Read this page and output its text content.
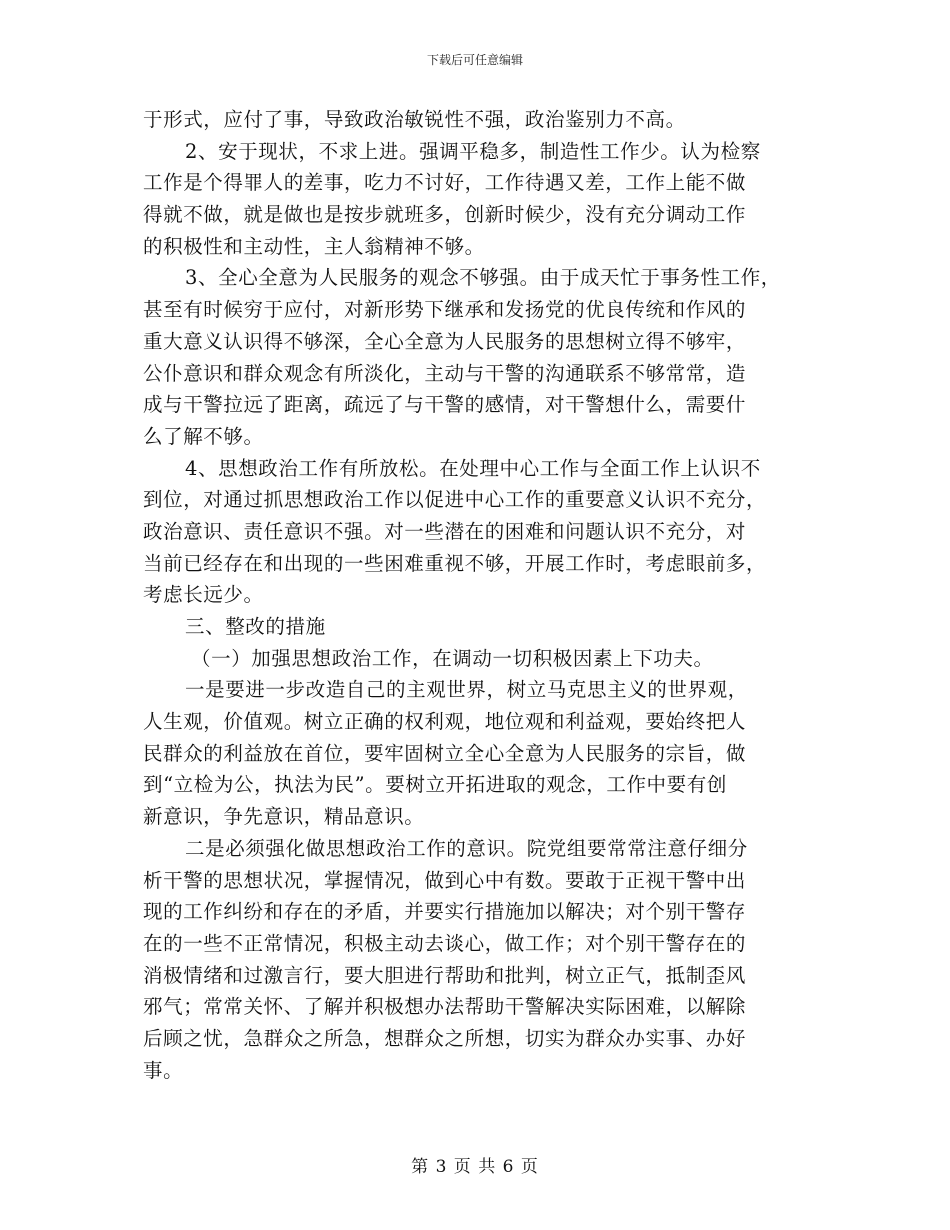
下载后可任意编辑
于形式，应付了事，导致政治敏锐性不强，政治鉴别力不高。
2、安于现状，不求上进。强调平稳多，制造性工作少。认为检察
工作是个得罪人的差事，吃力不讨好，工作待遇又差，工作上能不做
得就不做，就是做也是按步就班多，创新时候少，没有充分调动工作
的积极性和主动性，主人翁精神不够。
3、全心全意为人民服务的观念不够强。由于成天忙于事务性工作，
甚至有时候穷于应付，对新形势下继承和发扬党的优良传统和作风的
重大意义认识得不够深，全心全意为人民服务的思想树立得不够牢，
公仆意识和群众观念有所淡化，主动与干警的沟通联系不够常常，造
成与干警拉远了距离，疏远了与干警的感情，对干警想什么，需要什
么了解不够。
4、思想政治工作有所放松。在处理中心工作与全面工作上认识不
到位，对通过抓思想政治工作以促进中心工作的重要意义认识不充分，
政治意识、责任意识不强。对一些潜在的困难和问题认识不充分，对
当前已经存在和出现的一些困难重视不够，开展工作时，考虑眼前多，
考虑长远少。
三、整改的措施
（一）加强思想政治工作，在调动一切积极因素上下功夫。
一是要进一步改造自己的主观世界，树立马克思主义的世界观，
人生观，价值观。树立正确的权利观，地位观和利益观，要始终把人
民群众的利益放在首位，要牢固树立全心全意为人民服务的宗旨，做
到“立检为公，执法为民”。要树立开拓进取的观念，工作中要有创
新意识，争先意识，精品意识。
二是必须强化做思想政治工作的意识。院党组要常常注意仔细分
析干警的思想状况，掌握情况，做到心中有数。要敢于正视干警中出
现的工作纠纷和存在的矛盾，并要实行措施加以解决；对个别干警存
在的一些不正常情况，积极主动去谈心，做工作；对个别干警存在的
消极情绪和过激言行，要大胆进行帮助和批判，树立正气，抵制歪风
邪气；常常关怀、了解并积极想办法帮助干警解决实际困难，以解除
后顾之忧，急群众之所急，想群众之所想，切实为群众办实事、办好
事。
第 3 页 共 6 页
